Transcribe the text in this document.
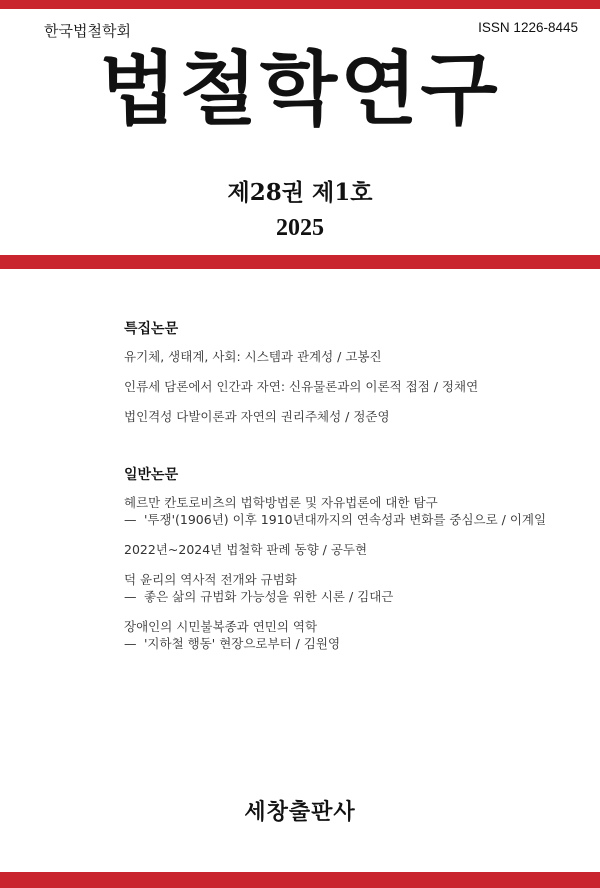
한국법철학회	ISSN 1226-8445
법철학연구
제28권 제1호
2025
특집논문
유기체, 생태계, 사회: 시스템과 관계성 / 고봉진
인류세 담론에서 인간과 자연: 신유물론과의 이론적 접점 / 정채연
법인격성 다발이론과 자연의 권리주체성 / 정준영
일반논문
헤르만 칸토로비츠의 법학방법론 및 자유법론에 대한 탐구
— '투쟁'(1906년) 이후 1910년대까지의 연속성과 변화를 중심으로 / 이계일
2022년~2024년 법철학 판례 동향 / 공두현
덕 윤리의 역사적 전개와 규범화
— 좋은 삶의 규범화 가능성을 위한 시론 / 김대근
장애인의 시민불복종과 연민의 역학
— '지하철 행동' 현장으로부터 / 김원영
세창출판사
